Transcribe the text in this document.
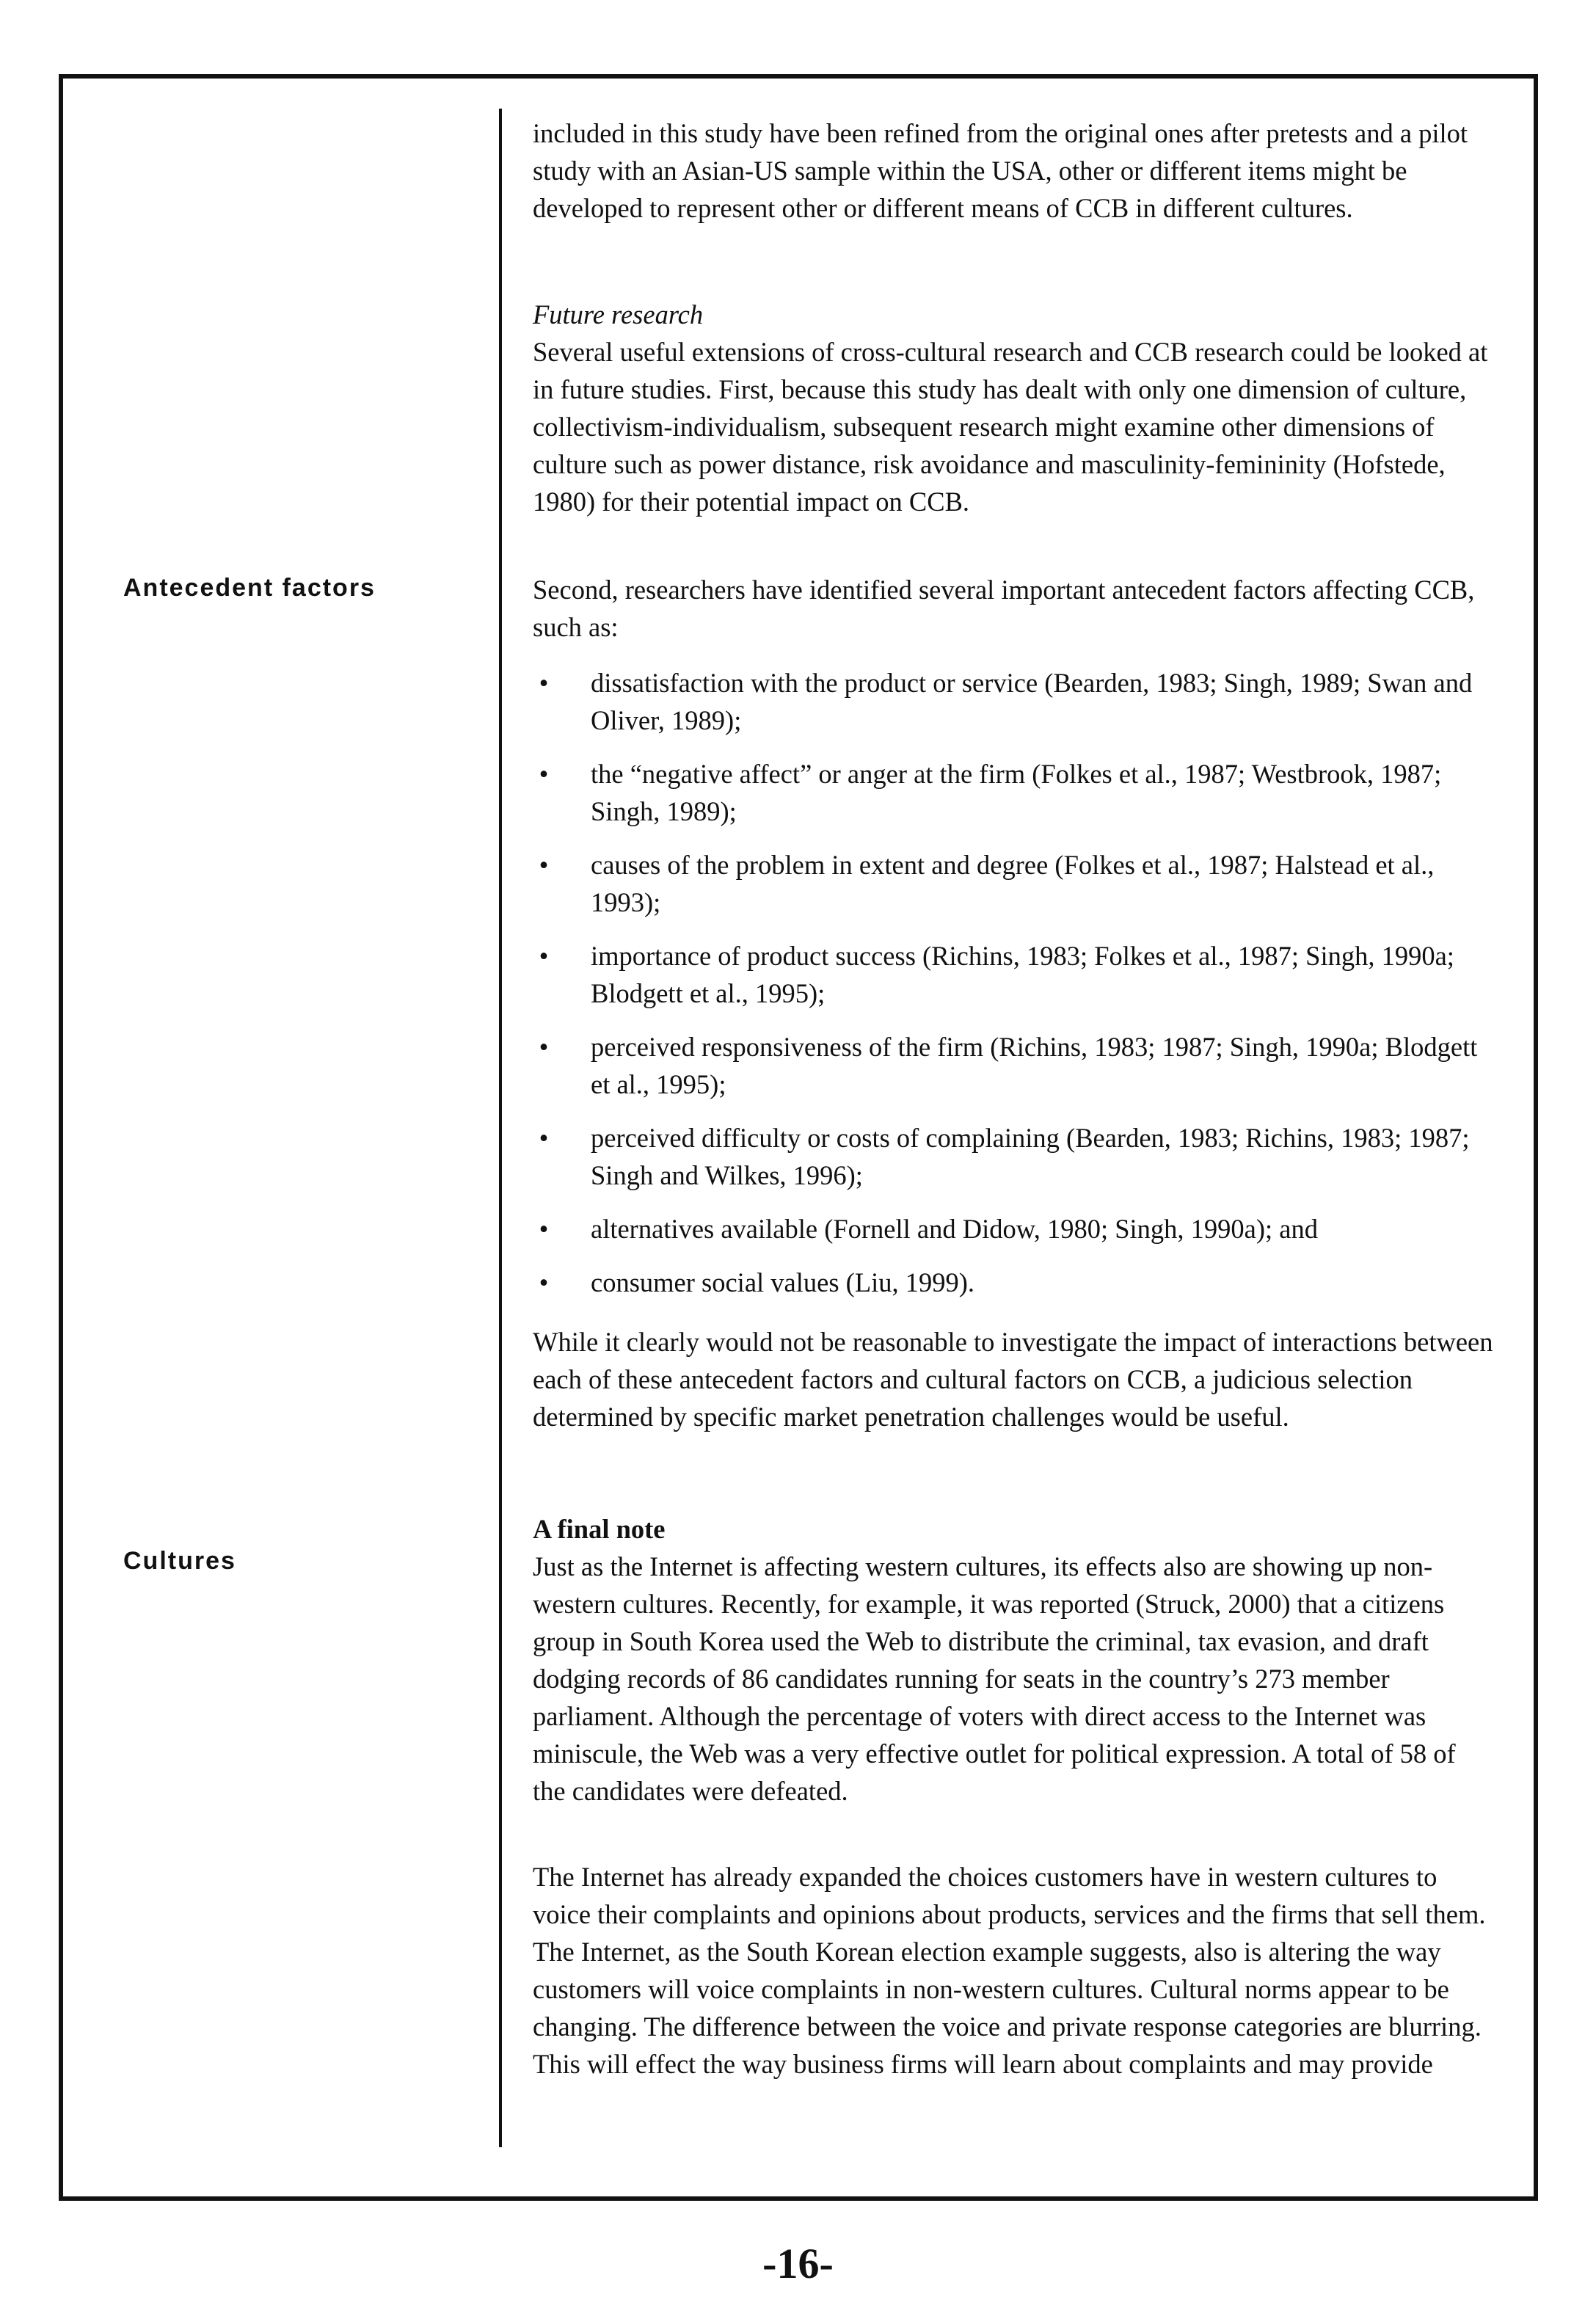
Antecedent factors
Cultures

included in this study have been refined from the original ones after pretests and a pilot study with an Asian-US sample within the USA, other or different items might be developed to represent other or different means of CCB in different cultures.

Future research

Several useful extensions of cross-cultural research and CCB research could be looked at in future studies. First, because this study has dealt with only one dimension of culture, collectivism-individualism, subsequent research might examine other dimensions of culture such as power distance, risk avoidance and masculinity-femininity (Hofstede, 1980) for their potential impact on CCB.

Second, researchers have identified several important antecedent factors affecting CCB, such as:

• dissatisfaction with the product or service (Bearden, 1983; Singh, 1989; Swan and Oliver, 1989);
• the “negative affect” or anger at the firm (Folkes et al., 1987; Westbrook, 1987; Singh, 1989);
• causes of the problem in extent and degree (Folkes et al., 1987; Halstead et al., 1993);
• importance of product success (Richins, 1983; Folkes et al., 1987; Singh, 1990a; Blodgett et al., 1995);
• perceived responsiveness of the firm (Richins, 1983; 1987; Singh, 1990a; Blodgett et al., 1995);
• perceived difficulty or costs of complaining (Bearden, 1983; Richins, 1983; 1987; Singh and Wilkes, 1996);
• alternatives available (Fornell and Didow, 1980; Singh, 1990a); and
• consumer social values (Liu, 1999).

While it clearly would not be reasonable to investigate the impact of interactions between each of these antecedent factors and cultural factors on CCB, a judicious selection determined by specific market penetration challenges would be useful.

A final note

Just as the Internet is affecting western cultures, its effects also are showing up non-western cultures. Recently, for example, it was reported (Struck, 2000) that a citizens group in South Korea used the Web to distribute the criminal, tax evasion, and draft dodging records of 86 candidates running for seats in the country’s 273 member parliament. Although the percentage of voters with direct access to the Internet was miniscule, the Web was a very effective outlet for political expression. A total of 58 of the candidates were defeated.

The Internet has already expanded the choices customers have in western cultures to voice their complaints and opinions about products, services and the firms that sell them. The Internet, as the South Korean election example suggests, also is altering the way customers will voice complaints in non-western cultures. Cultural norms appear to be changing. The difference between the voice and private response categories are blurring. This will effect the way business firms will learn about complaints and may provide

-16-
